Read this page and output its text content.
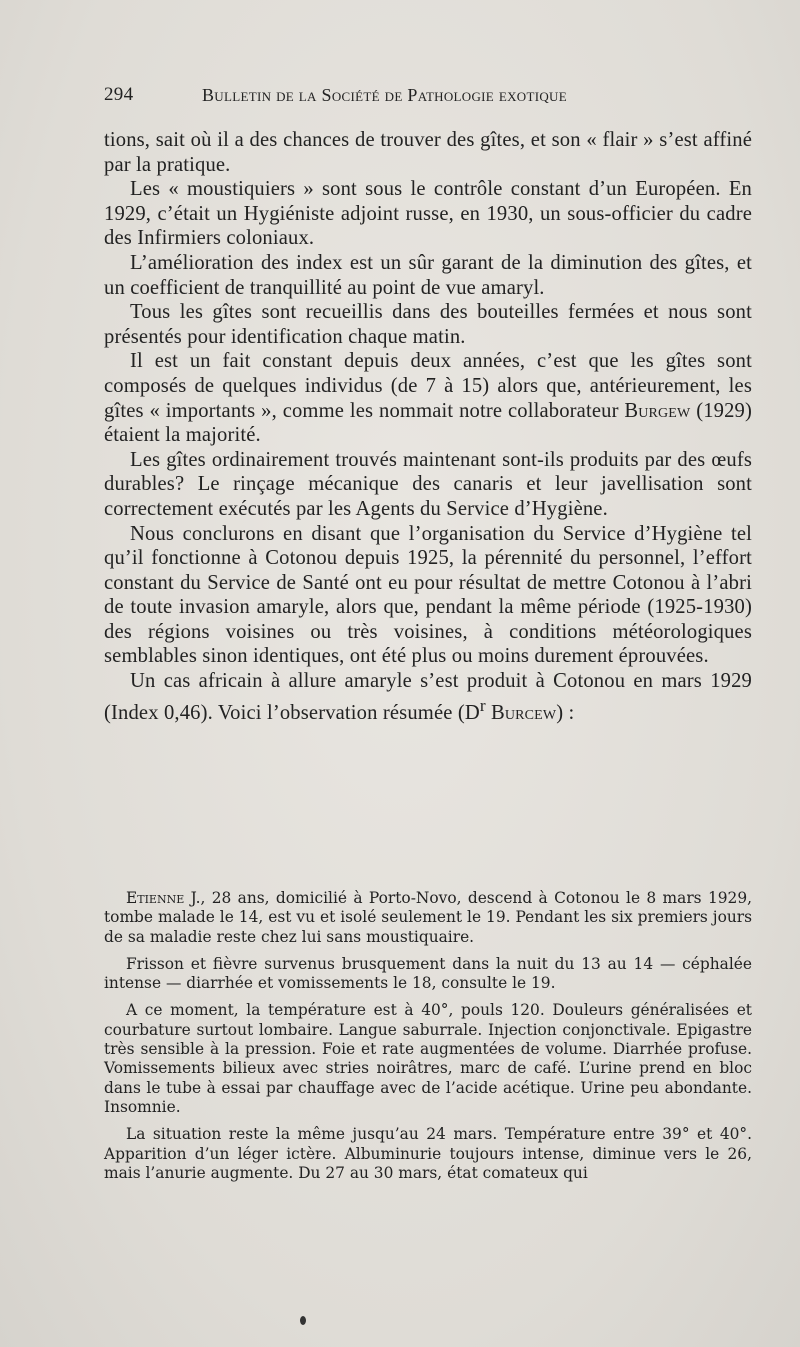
294	Bulletin de la Société de Pathologie exotique

tions, sait où il a des chances de trouver des gîtes, et son « flair » s’est affiné par la pratique.

Les « moustiquiers » sont sous le contrôle constant d’un Européen. En 1929, c’était un Hygiéniste adjoint russe, en 1930, un sous-officier du cadre des Infirmiers coloniaux.

L’amélioration des index est un sûr garant de la diminution des gîtes, et un coefficient de tranquillité au point de vue amaryl.

Tous les gîtes sont recueillis dans des bouteilles fermées et nous sont présentés pour identification chaque matin.

Il est un fait constant depuis deux années, c’est que les gîtes sont composés de quelques individus (de 7 à 15) alors que, antérieurement, les gîtes « importants », comme les nommait notre collaborateur Burgew (1929) étaient la majorité.

Les gîtes ordinairement trouvés maintenant sont-ils produits par des œufs durables? Le rinçage mécanique des canaris et leur javellisation sont correctement exécutés par les Agents du Service d’Hygiène.

Nous conclurons en disant que l’organisation du Service d’Hygiène tel qu’il fonctionne à Cotonou depuis 1925, la pérennité du personnel, l’effort constant du Service de Santé ont eu pour résultat de mettre Cotonou à l’abri de toute invasion amaryle, alors que, pendant la même période (1925-1930) des régions voisines ou très voisines, à conditions météorologiques semblables sinon identiques, ont été plus ou moins durement éprouvées.

Un cas africain à allure amaryle s’est produit à Cotonou en mars 1929 (Index 0,46). Voici l’observation résumée ($D^r$ Burcew) :

Etienne J., 28 ans, domicilié à Porto-Novo, descend à Cotonou le 8 mars 1929, tombe malade le 14, est vu et isolé seulement le 19. Pendant les six premiers jours de sa maladie reste chez lui sans moustiquaire.

Frisson et fièvre survenus brusquement dans la nuit du 13 au 14 — céphalée intense — diarrhée et vomissements le 18, consulte le 19.

A ce moment, la température est à 40°, pouls 120. Douleurs généralisées et courbature surtout lombaire. Langue saburrale. Injection conjonctivale. Epigastre très sensible à la pression. Foie et rate augmentées de volume. Diarrhée profuse. Vomissements bilieux avec stries noirâtres, marc de café. L’urine prend en bloc dans le tube à essai par chauffage avec de l’acide acétique. Urine peu abondante. Insomnie.

La situation reste la même jusqu’au 24 mars. Température entre 39° et 40°. Apparition d’un léger ictère. Albuminurie toujours intense, diminue vers le 26, mais l’anurie augmente. Du 27 au 30 mars, état comateux qui
